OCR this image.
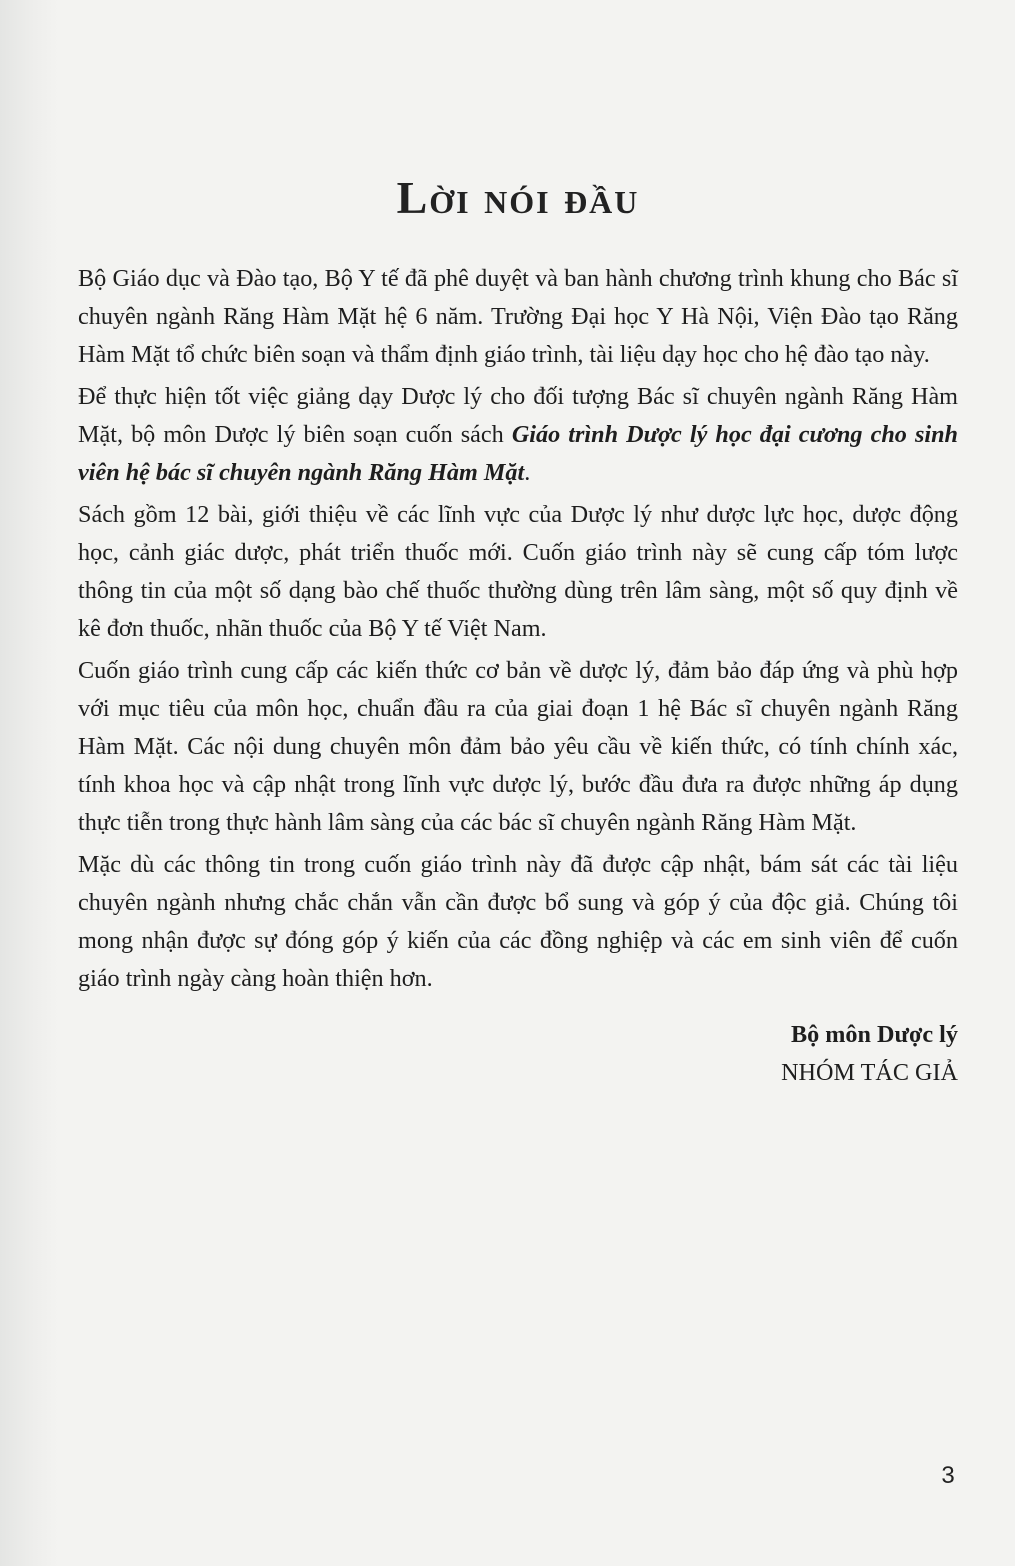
Lời nói đầu

Bộ Giáo dục và Đào tạo, Bộ Y tế đã phê duyệt và ban hành chương trình khung cho Bác sĩ chuyên ngành Răng Hàm Mặt hệ 6 năm. Trường Đại học Y Hà Nội, Viện Đào tạo Răng Hàm Mặt tổ chức biên soạn và thẩm định giáo trình, tài liệu dạy học cho hệ đào tạo này.

Để thực hiện tốt việc giảng dạy Dược lý cho đối tượng Bác sĩ chuyên ngành Răng Hàm Mặt, bộ môn Dược lý biên soạn cuốn sách Giáo trình Dược lý học đại cương cho sinh viên hệ bác sĩ chuyên ngành Răng Hàm Mặt.

Sách gồm 12 bài, giới thiệu về các lĩnh vực của Dược lý như dược lực học, dược động học, cảnh giác dược, phát triển thuốc mới. Cuốn giáo trình này sẽ cung cấp tóm lược thông tin của một số dạng bào chế thuốc thường dùng trên lâm sàng, một số quy định về kê đơn thuốc, nhãn thuốc của Bộ Y tế Việt Nam.

Cuốn giáo trình cung cấp các kiến thức cơ bản về dược lý, đảm bảo đáp ứng và phù hợp với mục tiêu của môn học, chuẩn đầu ra của giai đoạn 1 hệ Bác sĩ chuyên ngành Răng Hàm Mặt. Các nội dung chuyên môn đảm bảo yêu cầu về kiến thức, có tính chính xác, tính khoa học và cập nhật trong lĩnh vực dược lý, bước đầu đưa ra được những áp dụng thực tiễn trong thực hành lâm sàng của các bác sĩ chuyên ngành Răng Hàm Mặt.

Mặc dù các thông tin trong cuốn giáo trình này đã được cập nhật, bám sát các tài liệu chuyên ngành nhưng chắc chắn vẫn cần được bổ sung và góp ý của độc giả. Chúng tôi mong nhận được sự đóng góp ý kiến của các đồng nghiệp và các em sinh viên để cuốn giáo trình ngày càng hoàn thiện hơn.

Bộ môn Dược lý
NHÓM TÁC GIẢ
3
